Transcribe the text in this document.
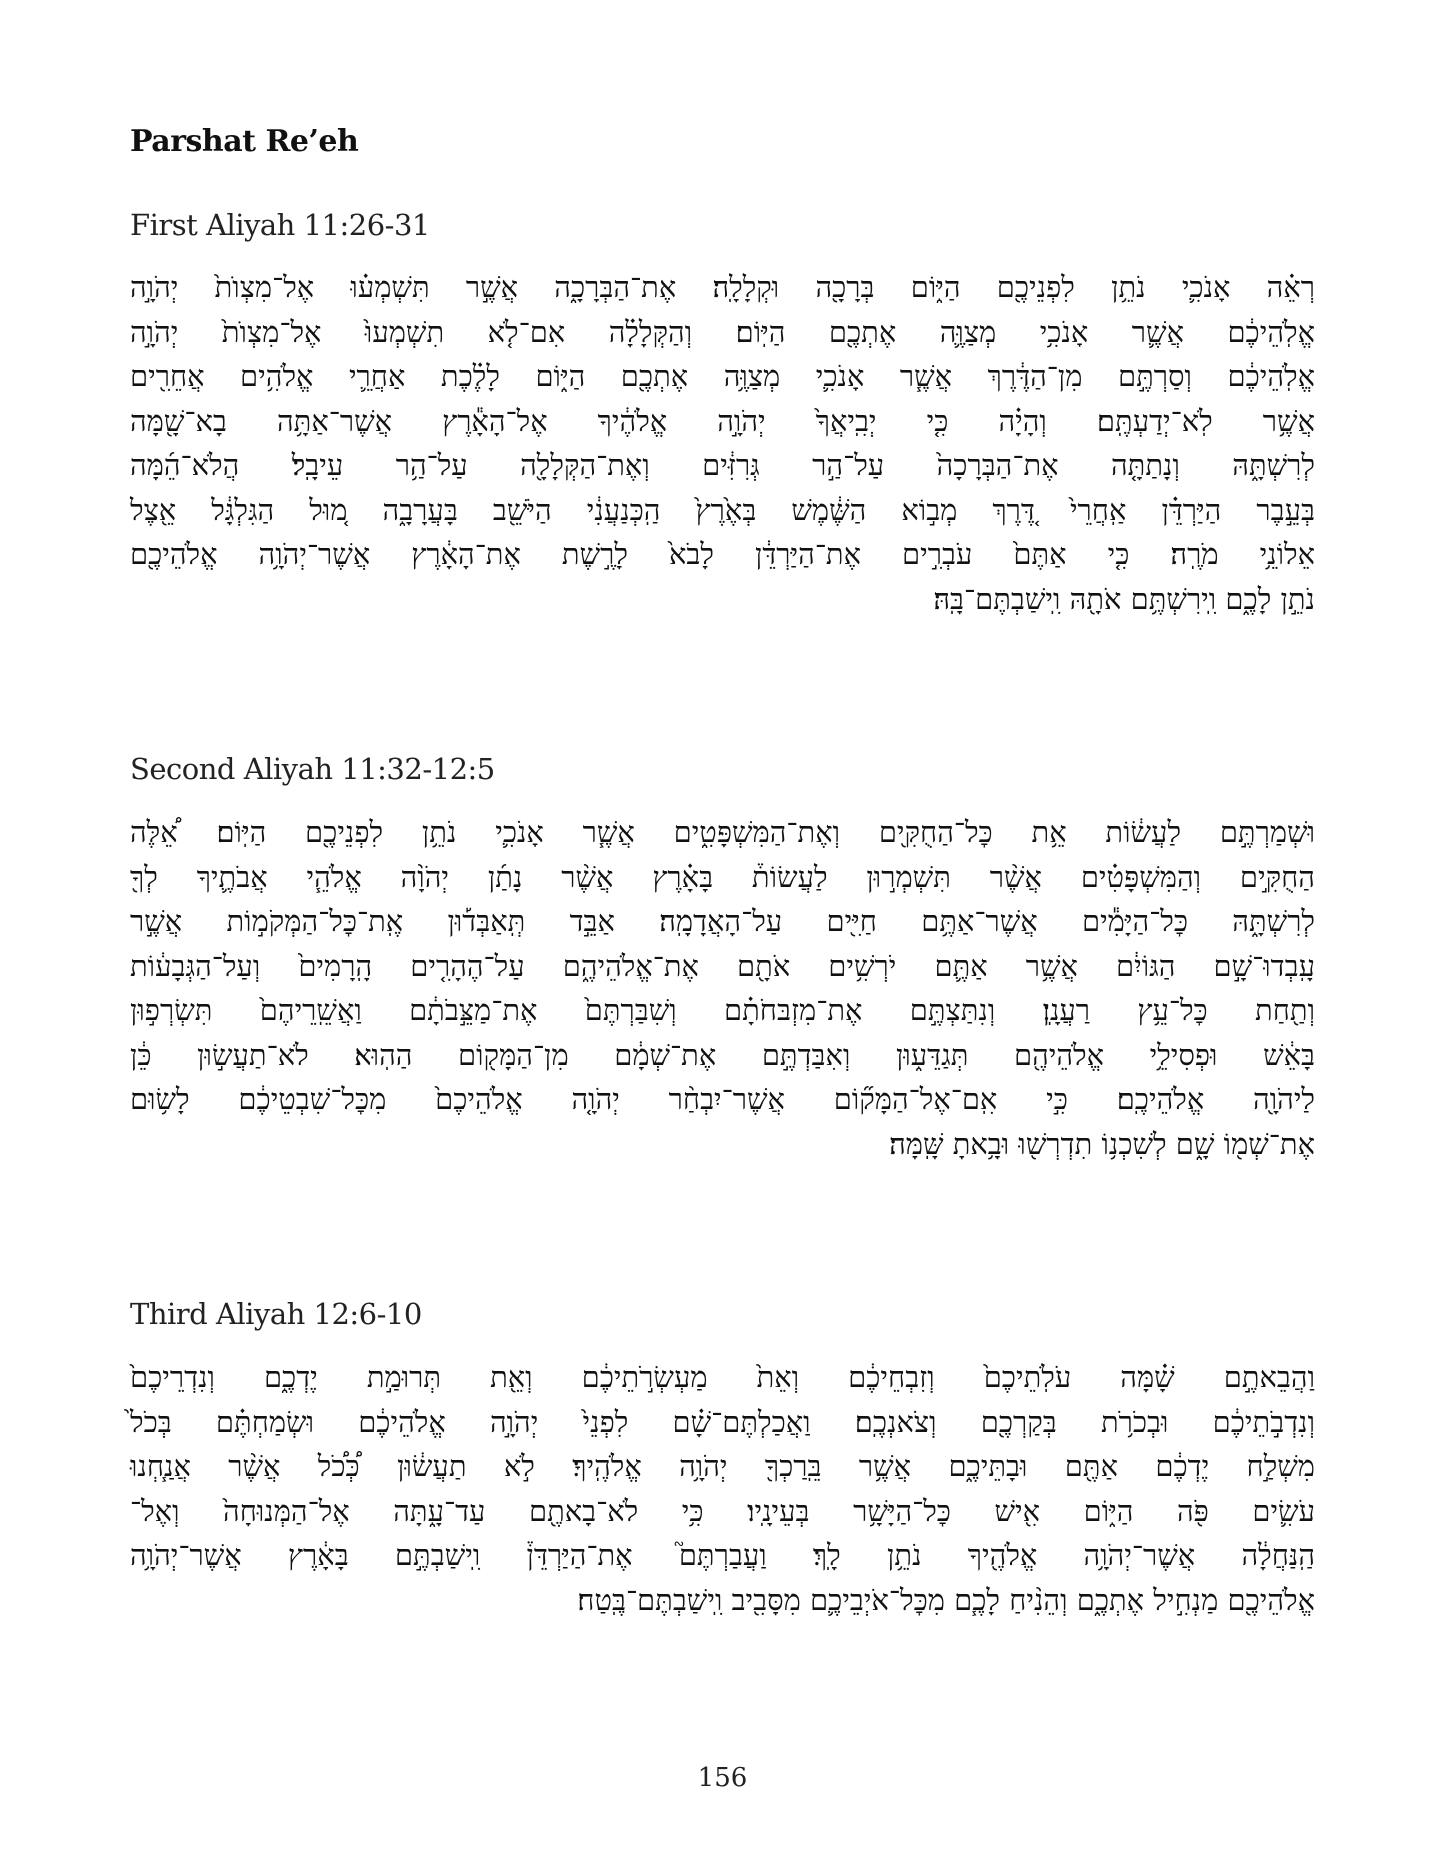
Parshat Re’eh
First Aliyah 11:26-31
רְאֵ֗ה אָנֹכִ֛י נֹתֵ֥ן לִפְנֵיכֶ֖ם הַיּ֑וֹם בְּרָכָ֖ה וּקְלָלָֽה׃ אֶת־הַבְּרָכָ֑ה אֲשֶׁ֣ר תִּשְׁמְע֗וּ אֶל־מִצְוֺת֙ יְהֹוָ֣ה
אֱלֹֽהֵיכֶ֔ם אֲשֶׁ֛ר אָנֹכִ֥י מְצַוֶּ֛ה אֶתְכֶ֖ם הַיּֽוֹם׃ וְהַקְּלָלָ֗ה אִם־לֹ֤א תִשְׁמְעוּ֙ אֶל־מִצְוֺת֙ יְהֹוָ֣ה
אֱלֹֽהֵיכֶ֔ם וְסַרְתֶּ֣ם מִן־הַדֶּ֔רֶךְ אֲשֶׁ֧ר אָנֹכִ֛י מְצַוֶּ֥ה אֶתְכֶ֖ם הַיּ֑וֹם לָלֶ֗כֶת אַחֲרֵ֛י אֱלֹהִ֥ים אֲחֵרִ֖ים
אֲשֶׁ֥ר לֹֽא־יְדַעְתֶּֽם׃ וְהָיָ֗ה כִּ֤י יְבִֽיאֲךָ֙ יְהֹוָ֣ה אֱלֹהֶ֔יךָ אֶל־הָאָ֕רֶץ אֲשֶׁר־אַתָּ֥ה בָא־שָׁ֖מָּה
לְרִשְׁתָּ֑הּ וְנָתַתָּ֤ה אֶת־הַבְּרָכָה֙ עַל־הַ֣ר גְּרִזִּ֔ים וְאֶת־הַקְּלָלָ֖ה עַל־הַ֥ר עֵיבָֽל׃ הֲלֹא־הֵ֜מָּה
בְּעֵ֣בֶר הַיַּרְדֵּ֗ן אַֽחֲרֵי֙ דֶּ֚רֶךְ מְב֣וֹא הַשֶּׁ֔מֶשׁ בְּאֶ֙רֶץ֙ הַֽכְּנַעֲנִ֔י הַיֹּשֵׁ֖ב בָּעֲרָבָ֑ה מ֚וּל הַגִּלְגָּ֔ל אֵ֖צֶל
אֵלוֹנֵ֥י מֹרֶֽה׃ כִּ֤י אַתֶּם֙ עֹבְרִ֣ים אֶת־הַיַּרְדֵּ֔ן לָבֹא֙ לָרֶ֣שֶׁת אֶת־הָאָ֔רֶץ אֲשֶׁר־יְהֹוָ֥ה אֱלֹהֵיכֶ֖ם
נֹתֵ֣ן לָכֶ֑ם וִֽירִשְׁתֶּ֥ם אֹתָ֖הּ וִֽישַׁבְתֶּם־בָּֽהּ׃
Second Aliyah 11:32-12:5
וּשְׁמַרְתֶּ֣ם לַעֲשׂ֔וֹת אֵ֥ת כׇּל־הַחֻקִּ֖ים וְאֶת־הַמִּשְׁפָּטִ֑ים אֲשֶׁ֧ר אָנֹכִ֛י נֹתֵ֥ן לִפְנֵיכֶ֖ם הַיּֽוֹם׃ אֵ֠לֶּה
הַחֻקִּ֣ים וְהַמִּשְׁפָּטִ֗ים אֲשֶׁ֨ר תִּשְׁמְר֣וּן לַעֲשׂוֹת֒ בָּאָ֗רֶץ אֲשֶׁ֨ר נָתַ֜ן יְהֹוָ֨ה אֱלֹהֵ֧י אֲבֹתֶ֛יךָ לְךָ֖
לְרִשְׁתָּ֑הּ כׇּל־הַיָּמִ֕ים אֲשֶׁר־אַתֶּ֥ם חַיִּ֖ים עַל־הָאֲדָמָֽה׃ אַבֵּ֣ד תְּֽאַבְּד֡וּן אֶֽת־כׇּל־הַמְּקֹמ֣וֹת אֲשֶׁ֣ר
עָֽבְדוּ־שָׁ֣ם הַגּוֹיִ֔ם אֲשֶׁ֥ר אַתֶּ֛ם יֹרְשִׁ֥ים אֹתָ֖ם אֶת־אֱלֹהֵיהֶ֑ם עַל־הֶהָרִ֤ים הָֽרָמִים֙ וְעַל־הַגְּבָע֔וֹת
וְתַ֖חַת כׇּל־עֵ֥ץ רַעֲנָֽן׃ וְנִתַּצְתֶּ֣ם אֶת־מִזְבּחֹתָ֗ם וְשִׁבַּרְתֶּם֙ אֶת־מַצֵּ֣בֹתָ֔ם וַאֲשֵֽׁרֵיהֶם֙ תִּשְׂרְפ֣וּן
בָּאֵ֔שׁ וּפְסִילֵ֥י אֱלֹהֵיהֶ֖ם תְּגַדֵּע֑וּן וְאִבַּדְתֶּ֣ם אֶת־שְׁמָ֔ם מִן־הַמָּק֖וֹם הַהֽוּא׃ לֹא־תַעֲשׂ֣וּן כֵּ֔ן
לַיהֹוָ֖ה אֱלֹהֵיכֶֽם׃ כִּ֣י אִֽם־אֶל־הַמָּק֞וֹם אֲשֶׁר־יִבְחַ֨ר יְהֹוָ֤ה אֱלֹהֵיכֶם֙ מִכׇּל־שִׁבְטֵיכֶ֔ם לָשׂ֥וּם
אֶת־שְׁמ֖וֹ שָׁ֑ם לְשִׁכְנ֥וֹ תִדְרְשׁ֖וּ וּבָ֥אתָ שָּֽׁמָּה׃
Third Aliyah 12:6-10
וַהֲבֵאתֶ֣ם שָׁ֗מָּה עֹלֹֽתֵיכֶם֙ וְזִבְחֵיכֶ֔ם וְאֵת֙ מַעְשְׂרֹ֣תֵיכֶ֔ם וְאֵ֖ת תְּרוּמַ֣ת יֶדְכֶ֑ם וְנִדְרֵיכֶם֙
וְנִדְבֹ֣תֵיכֶ֔ם וּבְכֹרֹ֥ת בְּקַרְכֶ֖ם וְצֹאנְכֶֽם׃ וַאֲכַלְתֶּם־שָׁ֗ם לִפְנֵי֙ יְהֹוָ֣ה אֱלֹהֵיכֶ֔ם וּשְׂמַחְתֶּ֗ם בְּכֹל֙
מִשְׁלַ֣ח יֶדְכֶ֔ם אַתֶּ֖ם וּבָתֵּיכֶ֑ם אֲשֶׁ֥ר בֵּֽרַכְךָ֖ יְהֹוָ֥ה אֱלֹהֶֽיךָ׃ לֹ֣א תַעֲשׂ֔וּן כְּ֠כֹ֠ל אֲשֶׁ֨ר אֲנַ֧חְנוּ
עֹשִׂ֛ים פֹּ֖ה הַיּ֑וֹם אִ֖ישׁ כׇּל־הַיָּשָׁ֥ר בְּעֵינָֽיו׃ כִּ֥י לֹא־בָאתֶ֖ם עַד־עָ֑תָּה אֶל־הַמְּנוּחָה֙ וְאֶל־
הַֽנַּחֲלָ֔ה אֲשֶׁר־יְהֹוָ֥ה אֱלֹהֶ֖יךָ נֹתֵ֥ן לָֽךְ׃ וַעֲבַרְתֶּם֮ אֶת־הַיַּרְדֵּן֒ וִֽישַׁבְתֶּ֣ם בָּאָ֔רֶץ אֲשֶׁר־יְהֹוָ֥ה
אֱלֹהֵיכֶ֖ם מַנְחִ֣יל אֶתְכֶ֑ם וְהֵנִ֨יחַ לָכֶ֧ם מִכׇּל־אֹיְבֵיכֶ֛ם מִסָּבִ֖יב וִֽישַׁבְתֶּם־בֶּֽטַח׃
156
